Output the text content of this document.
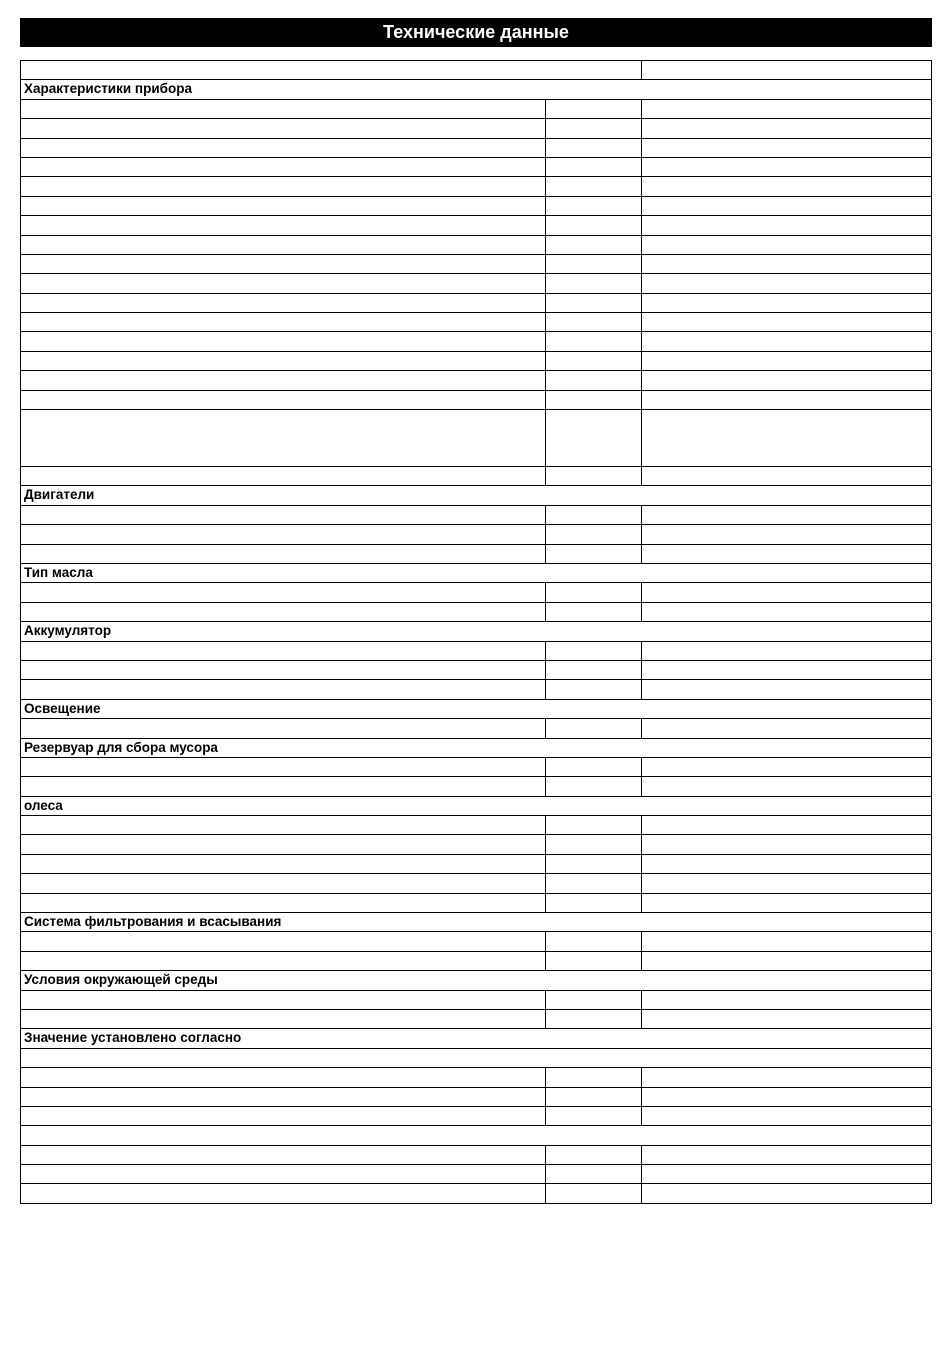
Технические данные

Характеристики прибора		

Двигатели		

Тип масла		

Аккумулятор		

Освещение		

Резервуар для сбора мусора		

олеса		

Система фильтрования и всасывания		

Условия окружающей среды		

Значение установлено согласно		
